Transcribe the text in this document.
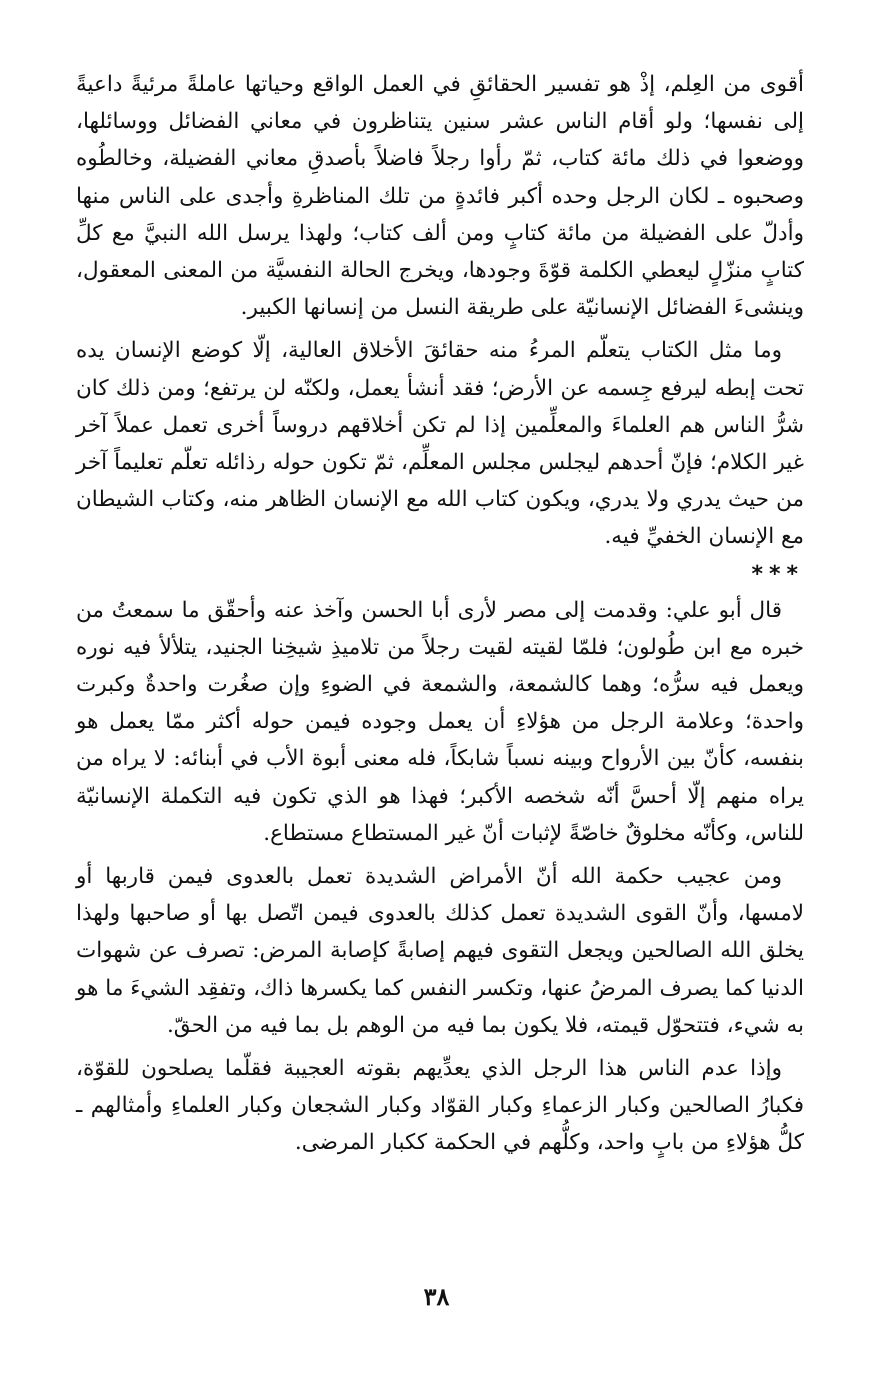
أقوى من العِلم، إذْ هو تفسير الحقائقِ في العمل الواقع وحياتها عاملةً مرئيةً داعيةً إلى نفسها؛ ولو أقام الناس عشر سنين يتناظرون في معاني الفضائل ووسائلها، ووضعوا في ذلك مائة كتاب، ثمّ رأوا رجلاً فاضلاً بأصدقِ معاني الفضيلة، وخالطُوه وصحبوه ـ لكان الرجل وحده أكبر فائدةٍ من تلك المناظرةِ وأجدى على الناس منها وأدلّ على الفضيلة من مائة كتابٍ ومن ألف كتاب؛ ولهذا يرسل الله النبيَّ مع كلِّ كتابٍ منزّلٍ ليعطي الكلمة قوّةَ وجودها، ويخرج الحالة النفسيَّة من المعنى المعقول، وينشىءَ الفضائل الإنسانيّة على طريقة النسل من إنسانها الكبير.

وما مثل الكتاب يتعلّم المرءُ منه حقائقَ الأخلاق العالية، إلّا كوضع الإنسان يده تحت إبطه ليرفع جِسمه عن الأرض؛ فقد أنشأ يعمل، ولكنّه لن يرتفع؛ ومن ذلك كان شرُّ الناس هم العلماءَ والمعلِّمين إذا لم تكن أخلاقهم دروساً أخرى تعمل عملاً آخر غير الكلام؛ فإنّ أحدهم ليجلس مجلس المعلِّم، ثمّ تكون حوله رذائله تعلّم تعليماً آخر من حيث يدري ولا يدري، ويكون كتاب الله مع الإنسان الظاهر منه، وكتاب الشيطان مع الإنسان الخفيِّ فيه.

***

قال أبو علي: وقدمت إلى مصر لأرى أبا الحسن وآخذ عنه وأحقّق ما سمعتُ من خبره مع ابن طُولون؛ فلمّا لقيته لقيت رجلاً من تلاميذِ شيخِنا الجنيد، يتلألأ فيه نوره ويعمل فيه سرُّه؛ وهما كالشمعة، والشمعة في الضوءِ وإن صغُرت واحدةٌ وكبرت واحدة؛ وعلامة الرجل من هؤلاءِ أن يعمل وجوده فيمن حوله أكثر ممّا يعمل هو بنفسه، كأنّ بين الأرواح وبينه نسباً شابكاً، فله معنى أبوة الأب في أبنائه: لا يراه من يراه منهم إلّا أحسَّ أنّه شخصه الأكبر؛ فهذا هو الذي تكون فيه التكملة الإنسانيّة للناس، وكأنّه مخلوقٌ خاصّةً لإثبات أنّ غير المستطاع مستطاع.

ومن عجيب حكمة الله أنّ الأمراض الشديدة تعمل بالعدوى فيمن قاربها أو لامسها، وأنّ القوى الشديدة تعمل كذلك بالعدوى فيمن اتّصل بها أو صاحبها ولهذا يخلق الله الصالحين ويجعل التقوى فيهم إصابةً كإصابة المرض: تصرف عن شهوات الدنيا كما يصرف المرضُ عنها، وتكسر النفس كما يكسرها ذاك، وتفقِد الشيءَ ما هو به شيء، فتتحوّل قيمته، فلا يكون بما فيه من الوهم بل بما فيه من الحقّ.

وإذا عدم الناس هذا الرجل الذي يعدِّيهم بقوته العجيبة فقلّما يصلحون للقوّة، فكبارُ الصالحين وكبار الزعماءِ وكبار القوّاد وكبار الشجعان وكبار العلماءِ وأمثالهم ـ كلُّ هؤلاءِ من بابٍ واحد، وكلُّهم في الحكمة ككبار المرضى.

٣٨
